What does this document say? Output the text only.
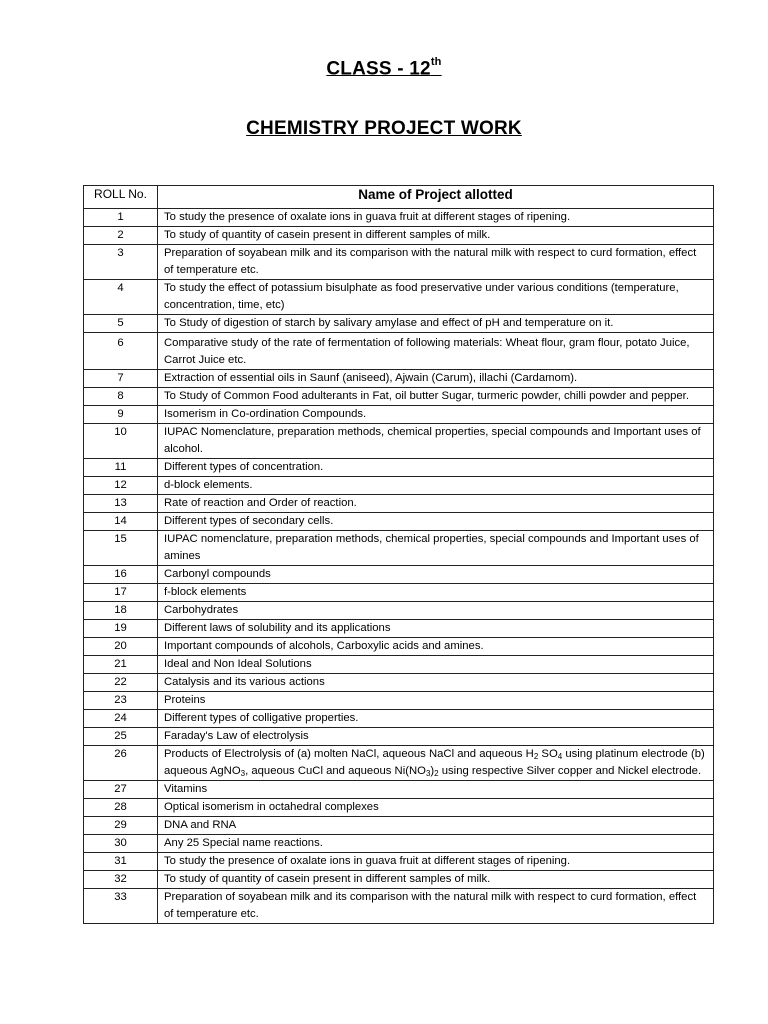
CLASS - 12th
CHEMISTRY PROJECT WORK
ROLL No.	Name of Project allotted
1	To study the presence of oxalate ions in guava fruit at different stages of ripening.
2	To study of quantity of casein present in different samples of milk.
3	Preparation of soyabean milk and its comparison with the natural milk with respect to curd formation, effect of temperature etc.
4	To study the effect of potassium bisulphate as food preservative under various conditions (temperature, concentration, time, etc)
5	To Study of digestion of starch by salivary amylase and effect of pH and temperature on it.
6	Comparative study of the rate of fermentation of following materials: Wheat flour, gram flour, potato Juice, Carrot Juice etc.
7	Extraction of essential oils in Saunf (aniseed), Ajwain (Carum), illachi (Cardamom).
8	To Study of Common Food adulterants in Fat, oil butter Sugar, turmeric powder, chilli powder and pepper.
9	Isomerism in Co-ordination Compounds.
10	IUPAC Nomenclature, preparation methods, chemical properties, special compounds and Important uses of alcohol.
11	Different types of concentration.
12	d-block elements.
13	Rate of reaction and Order of reaction.
14	Different types of secondary cells.
15	IUPAC nomenclature, preparation methods, chemical properties, special compounds and Important uses of amines
16	Carbonyl compounds
17	f-block elements
18	Carbohydrates
19	Different laws of solubility and its applications
20	Important compounds of alcohols, Carboxylic acids and amines.
21	Ideal and Non Ideal Solutions
22	Catalysis and its various actions
23	Proteins
24	Different types of colligative properties.
25	Faraday's Law of electrolysis
26	Products of Electrolysis of (a) molten NaCl, aqueous NaCl and aqueous H2 SO4 using platinum electrode (b) aqueous AgNO3, aqueous CuCl and aqueous Ni(NO3)2 using respective Silver copper and Nickel electrode.
27	Vitamins
28	Optical isomerism in octahedral complexes
29	DNA and RNA
30	Any 25 Special name reactions.
31	To study the presence of oxalate ions in guava fruit at different stages of ripening.
32	To study of quantity of casein present in different samples of milk.
33	Preparation of soyabean milk and its comparison with the natural milk with respect to curd formation, effect of temperature etc.
